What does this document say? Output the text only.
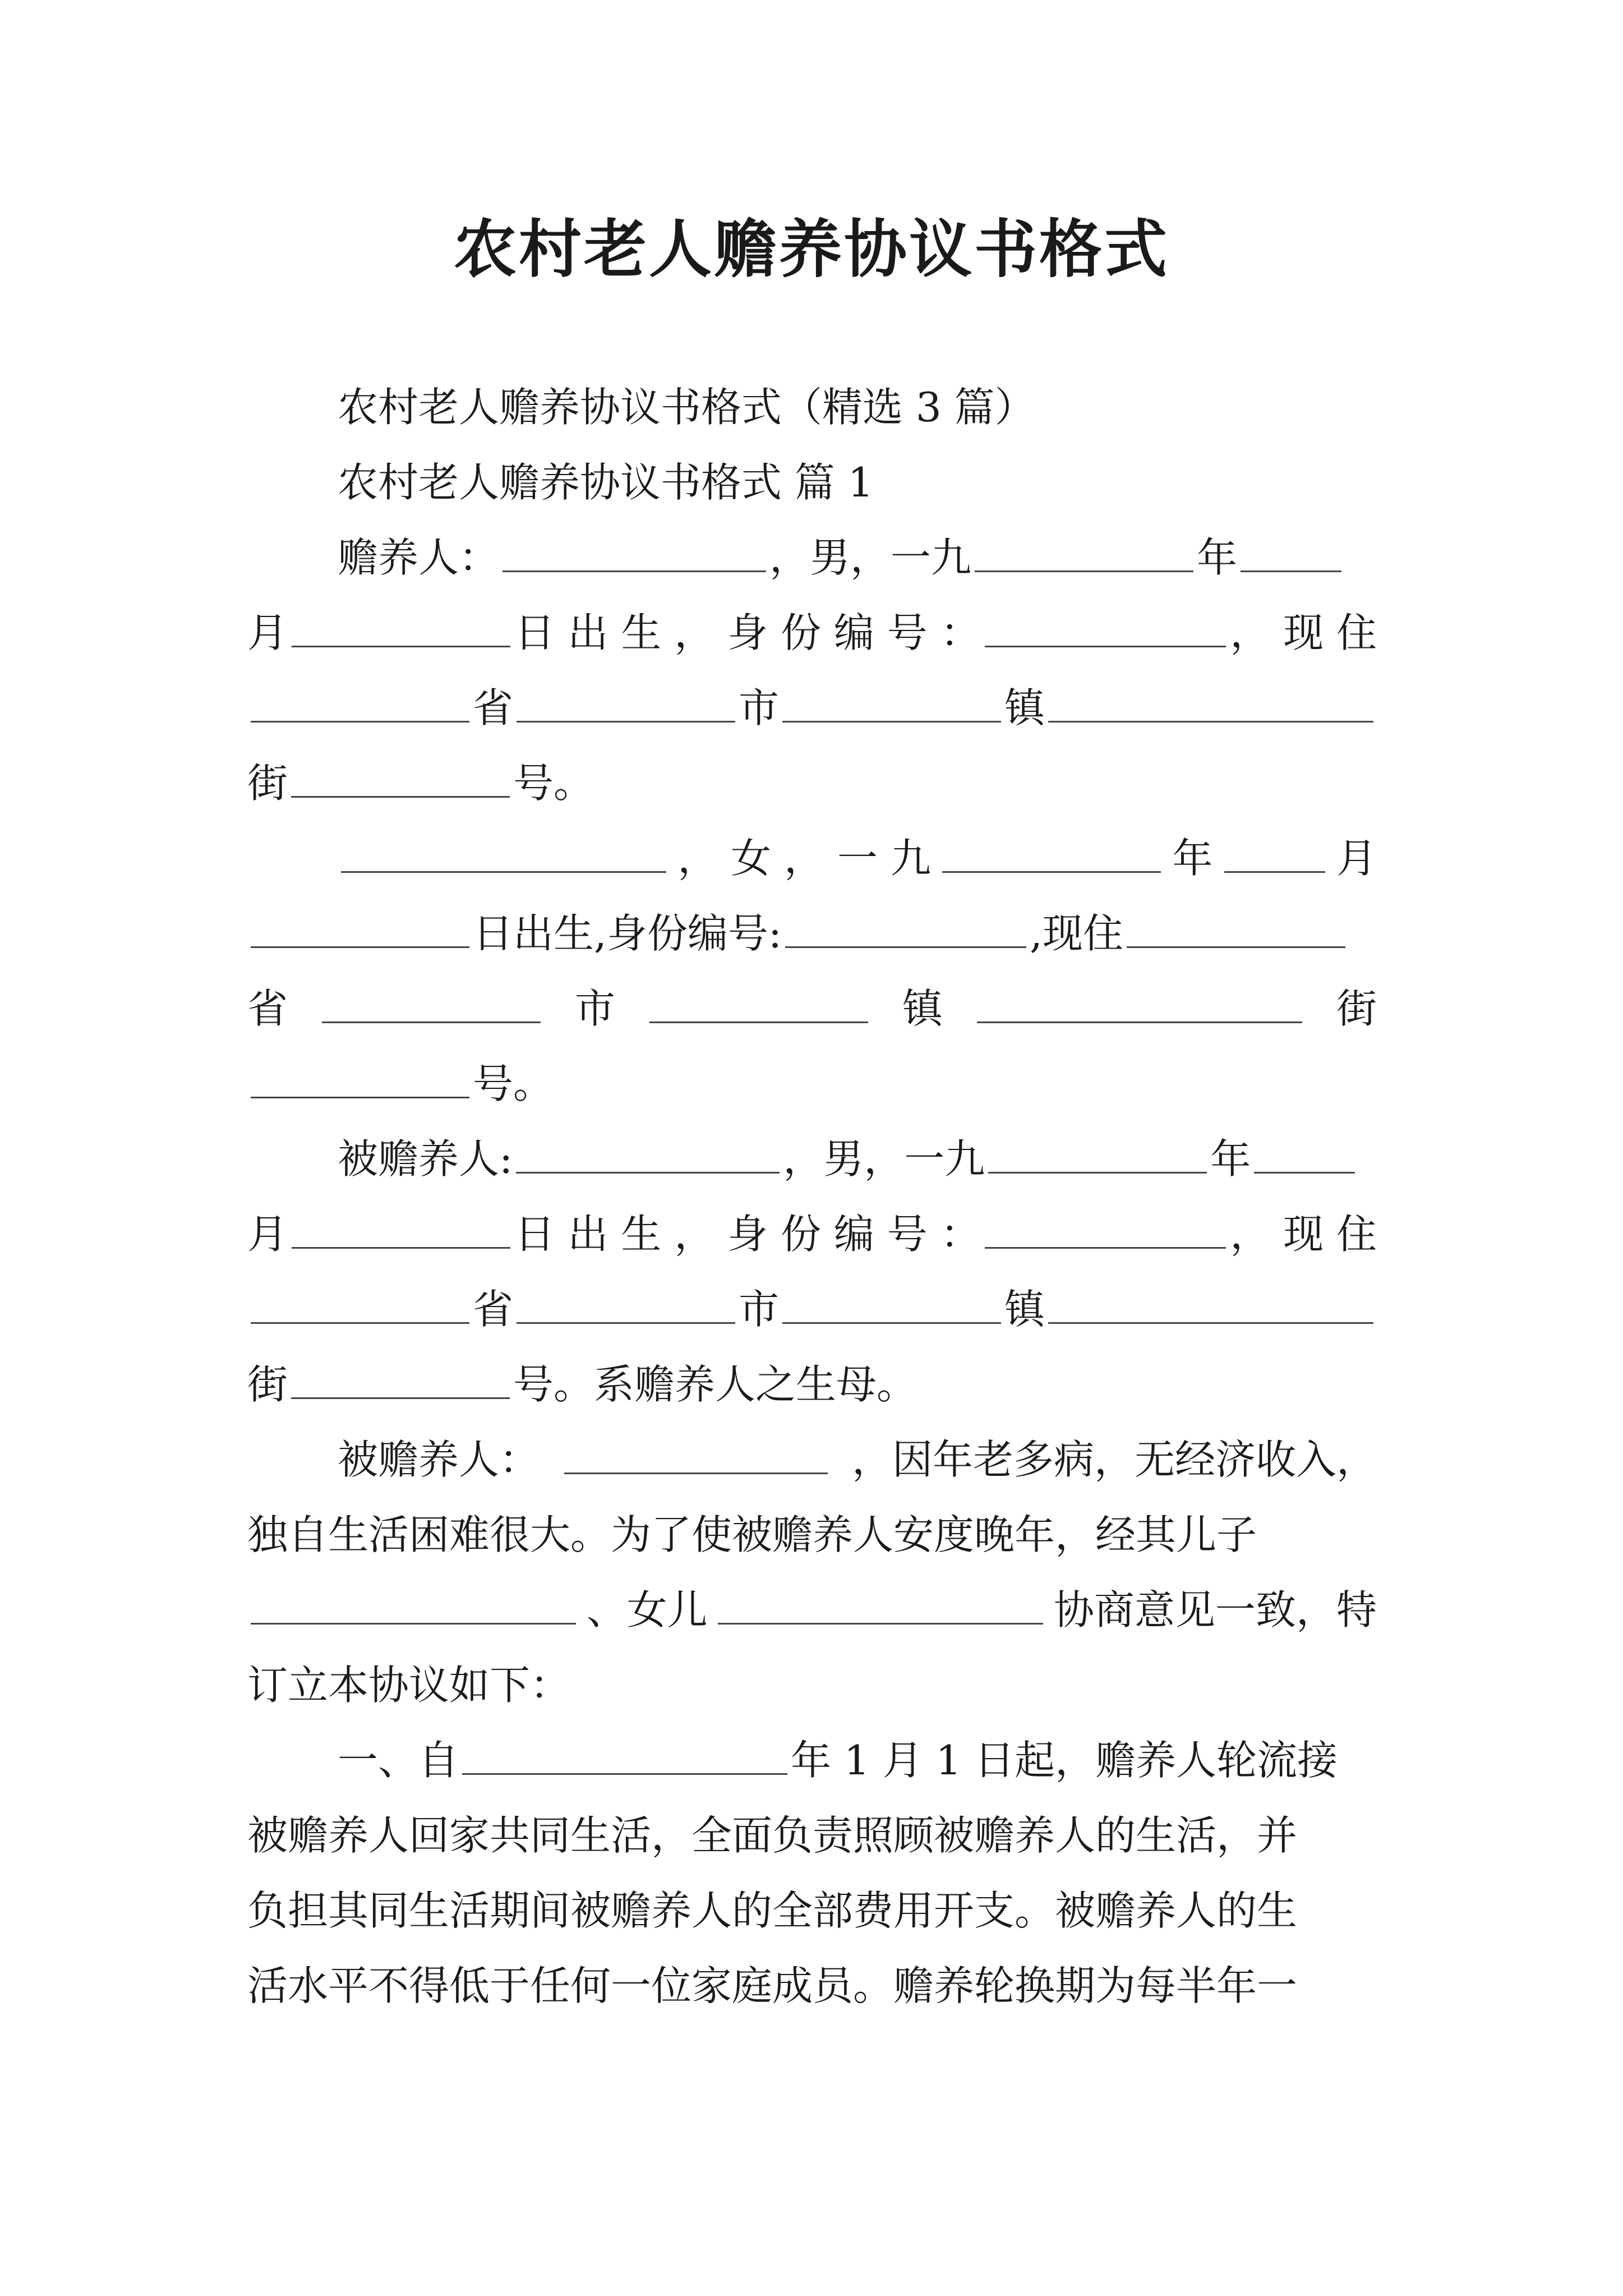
农村老人赡养协议书格式
农村老人赡养协议书格式（精选 3 篇）
农村老人赡养协议书格式 篇 1
赡养人：	，男，一九	年
月	日 出 生 ， 身 份 编 号 ：	， 现 住
省	市	镇
街	号。
， 女 ， 一 九	年	月
日出生,身份编号:	,现住
省	市	镇	街
号。
被赡养人:	，男，一九	年
月	日 出 生 ， 身 份 编 号 ：	， 现 住
省	市	镇
街	号。系赡养人之生母。
被赡养人：	，因年老多病，无经济收入，
独自生活困难很大。为了使被赡养人安度晚年，经其儿子
、女儿	协商意见一致，特
订立本协议如下：
一、自	年 1 月 1 日起，赡养人轮流接
被赡养人回家共同生活，全面负责照顾被赡养人的生活，并
负担其同生活期间被赡养人的全部费用开支。被赡养人的生
活水平不得低于任何一位家庭成员。赡养轮换期为每半年一
